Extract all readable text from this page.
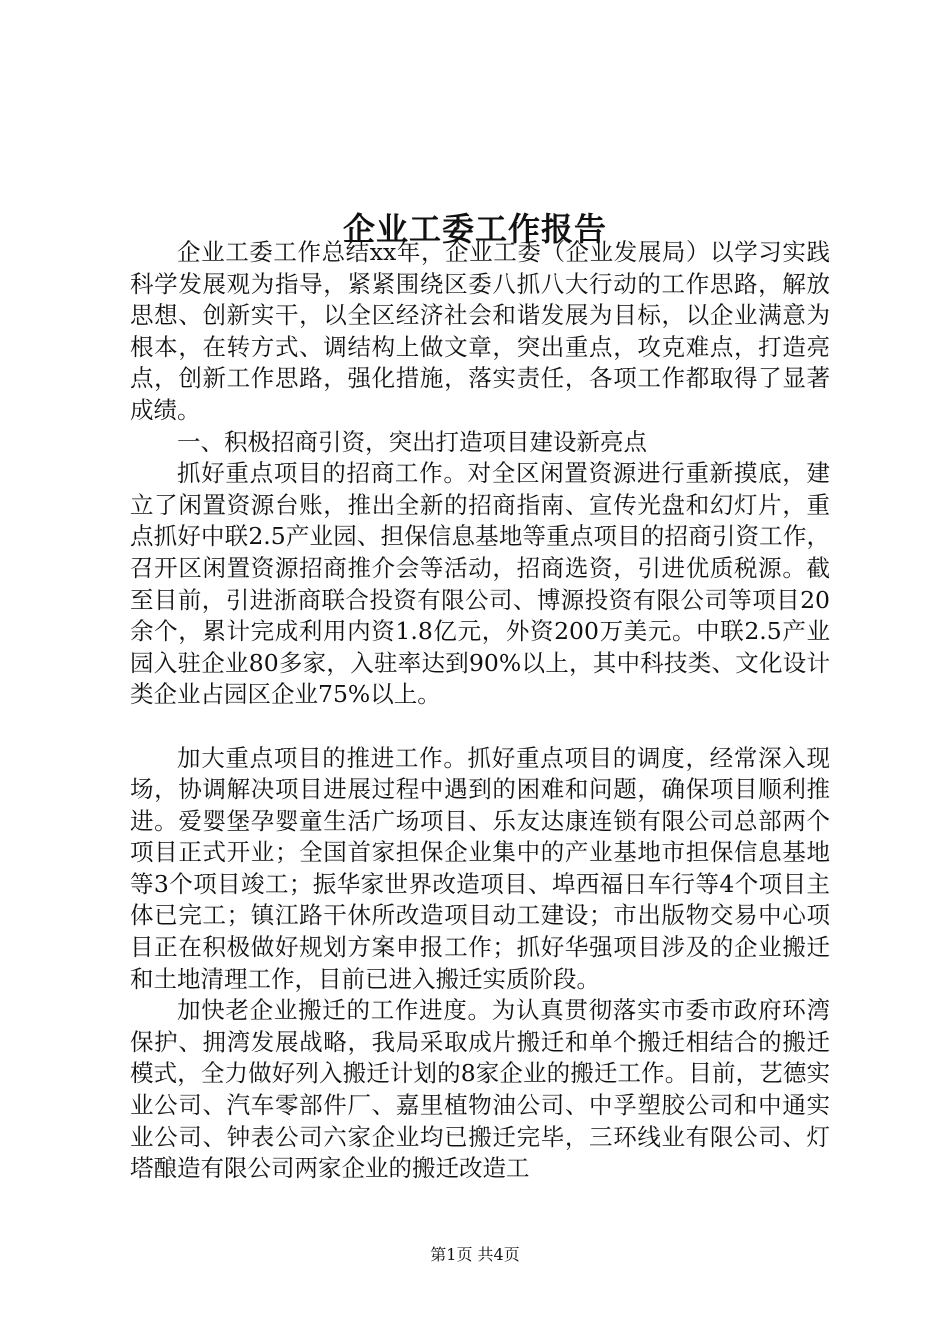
企业工委工作报告

企业工委工作总结xx年，企业工委（企业发展局）以学习实践科学发展观为指导，紧紧围绕区委八抓八大行动的工作思路，解放思想、创新实干，以全区经济社会和谐发展为目标，以企业满意为根本，在转方式、调结构上做文章，突出重点，攻克难点，打造亮点，创新工作思路，强化措施，落实责任，各项工作都取得了显著成绩。

一、积极招商引资，突出打造项目建设新亮点

抓好重点项目的招商工作。对全区闲置资源进行重新摸底，建立了闲置资源台账，推出全新的招商指南、宣传光盘和幻灯片，重点抓好中联2.5产业园、担保信息基地等重点项目的招商引资工作，召开区闲置资源招商推介会等活动，招商选资，引进优质税源。截至目前，引进浙商联合投资有限公司、博源投资有限公司等项目20余个，累计完成利用内资1.8亿元，外资200万美元。中联2.5产业园入驻企业80多家，入驻率达到90%以上，其中科技类、文化设计类企业占园区企业75%以上。

加大重点项目的推进工作。抓好重点项目的调度，经常深入现场，协调解决项目进展过程中遇到的困难和问题，确保项目顺利推进。爱婴堡孕婴童生活广场项目、乐友达康连锁有限公司总部两个项目正式开业；全国首家担保企业集中的产业基地市担保信息基地等3个项目竣工；振华家世界改造项目、埠西福日车行等4个项目主体已完工；镇江路干休所改造项目动工建设；市出版物交易中心项目正在积极做好规划方案申报工作；抓好华强项目涉及的企业搬迁和土地清理工作，目前已进入搬迁实质阶段。

加快老企业搬迁的工作进度。为认真贯彻落实市委市政府环湾保护、拥湾发展战略，我局采取成片搬迁和单个搬迁相结合的搬迁模式，全力做好列入搬迁计划的8家企业的搬迁工作。目前，艺德实业公司、汽车零部件厂、嘉里植物油公司、中孚塑胶公司和中通实业公司、钟表公司六家企业均已搬迁完毕，三环线业有限公司、灯塔酿造有限公司两家企业的搬迁改造工

第1页 共4页
